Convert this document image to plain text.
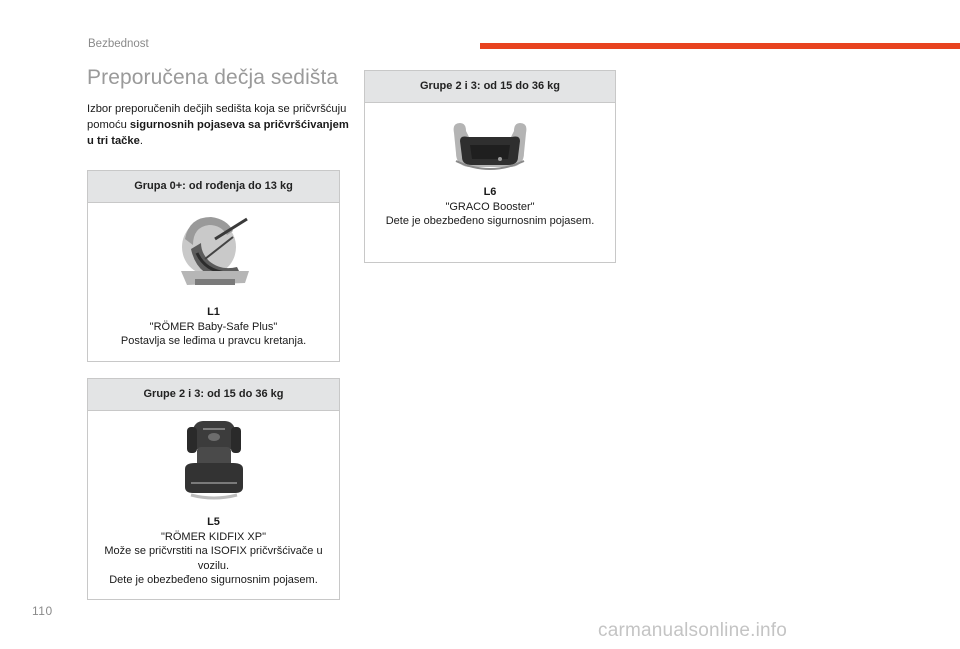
Bezbednost
Preporučena dečja sedišta

Izbor preporučenih dečjih sedišta koja se pričvršćuju pomoću sigurnosnih pojaseva sa pričvršćivanjem u tri tačke.

Grupa 0+: od rođenja do 13 kg
L1
"RÖMER Baby-Safe Plus"
Postavlja se leđima u pravcu kretanja.
Grupe 2 i 3: od 15 do 36 kg
L5
"RÖMER KIDFIX XP"
Može se pričvrstiti na ISOFIX pričvršćivače u vozilu.
Dete je obezbeđeno sigurnosnim pojasem.
Grupe 2 i 3: od 15 do 36 kg
L6
"GRACO Booster"
Dete je obezbeđeno sigurnosnim pojasem.
110
carmanualsonline.info
